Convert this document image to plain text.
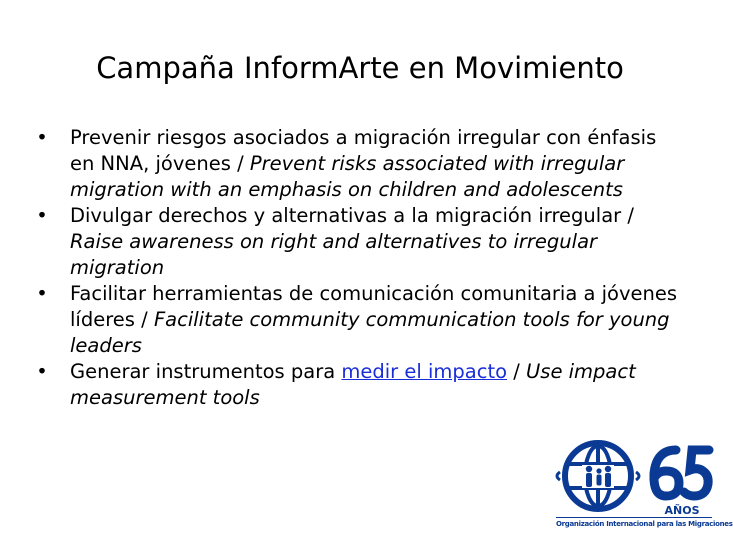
Campaña InformArte en Movimiento
• Prevenir riesgos asociados a migración irregular con énfasis en NNA, jóvenes / Prevent risks associated with irregular migration with an emphasis on children and adolescents
• Divulgar derechos y alternativas a la migración irregular / Raise awareness on right and alternatives to irregular migration
• Facilitar herramientas de comunicación comunitaria a jóvenes líderes / Facilitate community communication tools for young leaders
• Generar instrumentos para medir el impacto / Use impact measurement tools
AÑOS
Organización Internacional para las Migraciones
